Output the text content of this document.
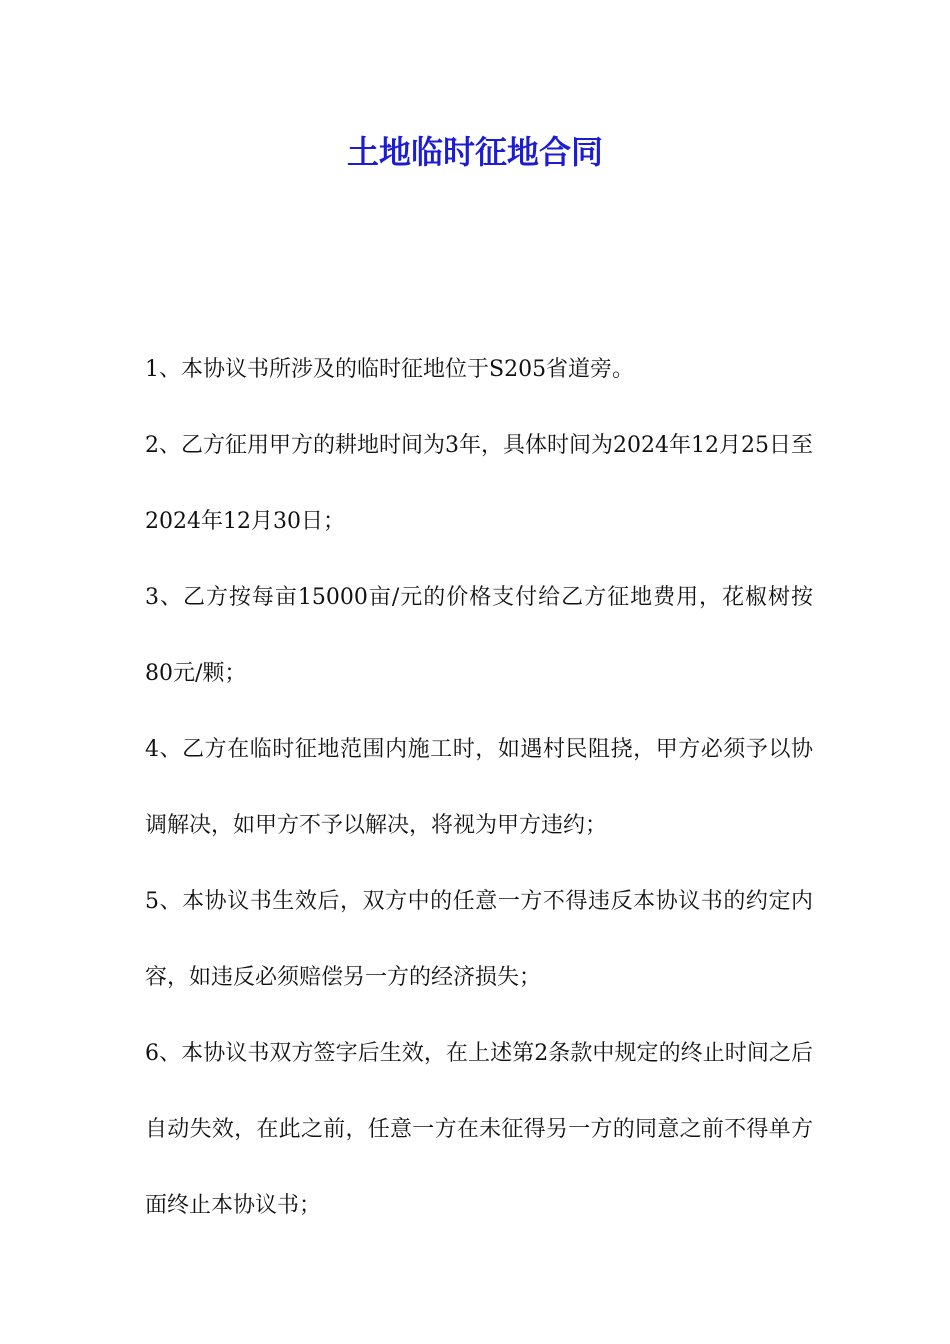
土地临时征地合同

1、本协议书所涉及的临时征地位于S205省道旁。

2、乙方征用甲方的耕地时间为3年，具体时间为2024年12月25日至2024年12月30日；

3、乙方按每亩15000亩/元的价格支付给乙方征地费用，花椒树按80元/颗；

4、乙方在临时征地范围内施工时，如遇村民阻挠，甲方必须予以协调解决，如甲方不予以解决，将视为甲方违约；

5、本协议书生效后，双方中的任意一方不得违反本协议书的约定内容，如违反必须赔偿另一方的经济损失；

6、本协议书双方签字后生效，在上述第2条款中规定的终止时间之后自动失效，在此之前，任意一方在未征得另一方的同意之前不得单方面终止本协议书；
